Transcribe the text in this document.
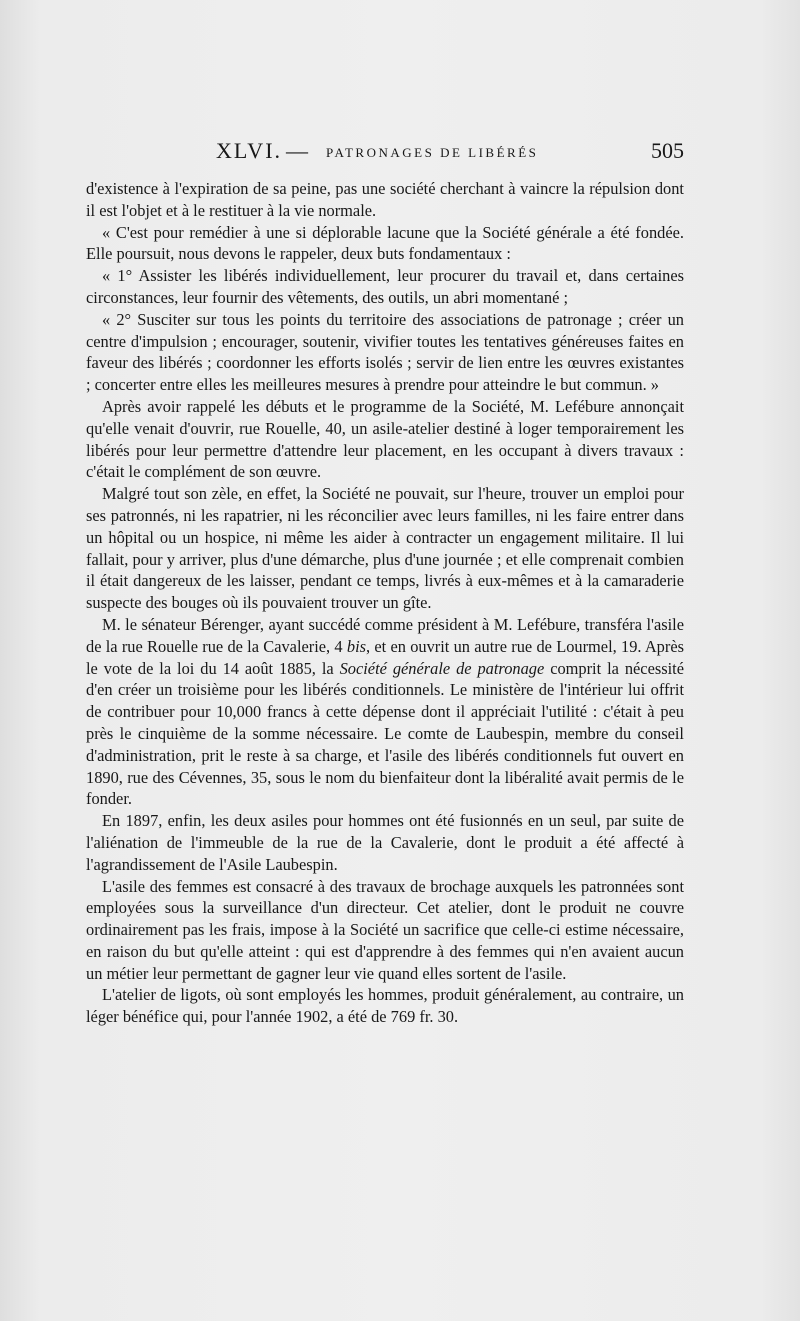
XLVI. — PATRONAGES DE LIBÉRÉS	505

d'existence à l'expiration de sa peine, pas une société cherchant à vaincre la répulsion dont il est l'objet et à le restituer à la vie normale.

« C'est pour remédier à une si déplorable lacune que la Société générale a été fondée. Elle poursuit, nous devons le rappeler, deux buts fondamentaux :

« 1° Assister les libérés individuellement, leur procurer du travail et, dans certaines circonstances, leur fournir des vêtements, des outils, un abri momentané ;

« 2° Susciter sur tous les points du territoire des associations de patronage ; créer un centre d'impulsion ; encourager, soutenir, vivifier toutes les tentatives généreuses faites en faveur des libérés ; coordonner les efforts isolés ; servir de lien entre les œuvres existantes ; concerter entre elles les meilleures mesures à prendre pour atteindre le but commun. »

Après avoir rappelé les débuts et le programme de la Société, M. Lefébure annonçait qu'elle venait d'ouvrir, rue Rouelle, 40, un asile-atelier destiné à loger temporairement les libérés pour leur permettre d'attendre leur placement, en les occupant à divers travaux : c'était le complément de son œuvre.

Malgré tout son zèle, en effet, la Société ne pouvait, sur l'heure, trouver un emploi pour ses patronnés, ni les rapatrier, ni les réconcilier avec leurs familles, ni les faire entrer dans un hôpital ou un hospice, ni même les aider à contracter un engagement militaire. Il lui fallait, pour y arriver, plus d'une démarche, plus d'une journée ; et elle comprenait combien il était dangereux de les laisser, pendant ce temps, livrés à eux-mêmes et à la camaraderie suspecte des bouges où ils pouvaient trouver un gîte.

M. le sénateur Bérenger, ayant succédé comme président à M. Lefébure, transféra l'asile de la rue Rouelle rue de la Cavalerie, 4 bis, et en ouvrit un autre rue de Lourmel, 19. Après le vote de la loi du 14 août 1885, la Société générale de patronage comprit la nécessité d'en créer un troisième pour les libérés conditionnels. Le ministère de l'intérieur lui offrit de contribuer pour 10,000 francs à cette dépense dont il appréciait l'utilité : c'était à peu près le cinquième de la somme nécessaire. Le comte de Laubespin, membre du conseil d'administration, prit le reste à sa charge, et l'asile des libérés conditionnels fut ouvert en 1890, rue des Cévennes, 35, sous le nom du bienfaiteur dont la libéralité avait permis de le fonder.

En 1897, enfin, les deux asiles pour hommes ont été fusionnés en un seul, par suite de l'aliénation de l'immeuble de la rue de la Cavalerie, dont le produit a été affecté à l'agrandissement de l'Asile Laubespin.

L'asile des femmes est consacré à des travaux de brochage auxquels les patronnées sont employées sous la surveillance d'un directeur. Cet atelier, dont le produit ne couvre ordinairement pas les frais, impose à la Société un sacrifice que celle-ci estime nécessaire, en raison du but qu'elle atteint : qui est d'apprendre à des femmes qui n'en avaient aucun un métier leur permettant de gagner leur vie quand elles sortent de l'asile.

L'atelier de ligots, où sont employés les hommes, produit généralement, au contraire, un léger bénéfice qui, pour l'année 1902, a été de 769 fr. 30.
